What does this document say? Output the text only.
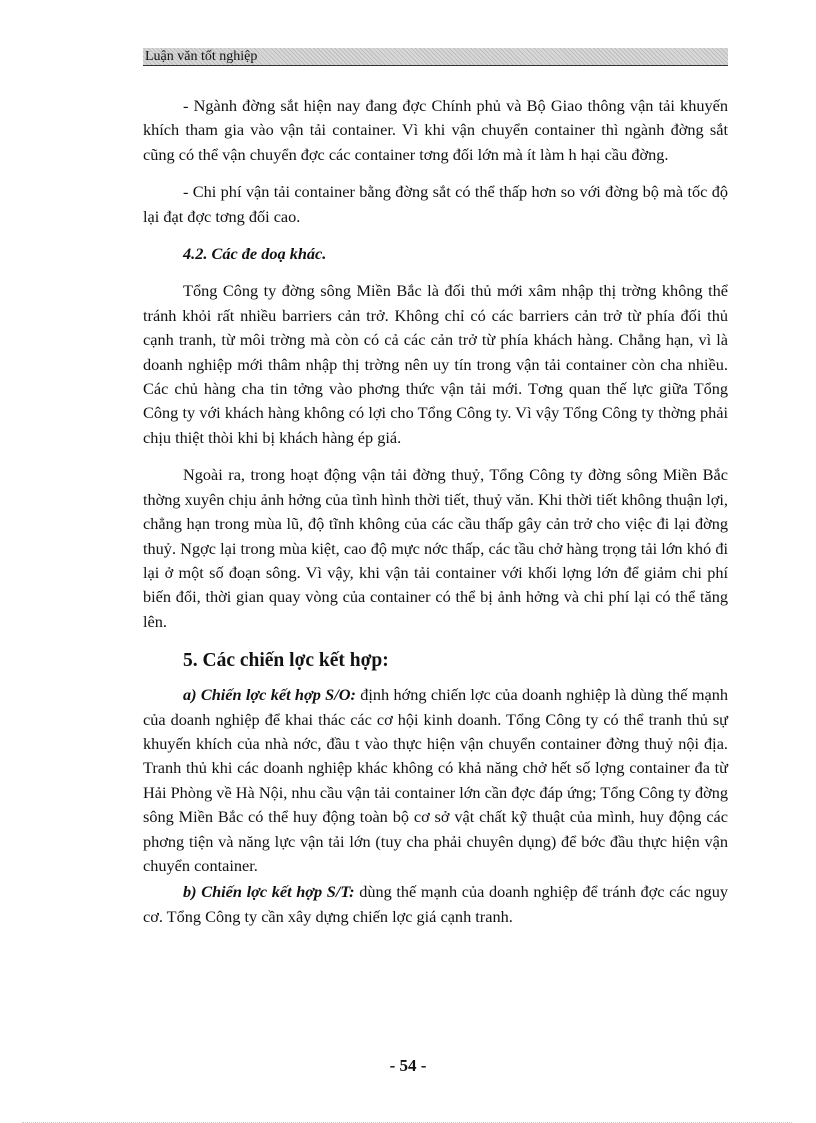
Luận văn tốt nghiệp

- Ngành đờng sắt hiện nay đang đợc Chính phủ và Bộ Giao thông vận tải khuyến khích tham gia vào vận tải container. Vì khi vận chuyển container thì ngành đờng sắt cũng có thể vận chuyển đợc các container tơng đối lớn mà ít làm h hại cầu đờng.

- Chi phí vận tải container bằng đờng sắt có thể thấp hơn so với đờng bộ mà tốc độ lại đạt đợc tơng đối cao.

4.2. Các đe doạ khác.

Tổng Công ty đờng sông Miền Bắc là đối thủ mới xâm nhập thị trờng không thể tránh khỏi rất nhiều barriers cản trở. Không chỉ có các barriers cản trở từ phía đối thủ cạnh tranh, từ môi trờng mà còn có cả các cản trở từ phía khách hàng. Chẳng hạn, vì là doanh nghiệp mới thâm nhập thị trờng nên uy tín trong vận tải container còn cha nhiều. Các chủ hàng cha tin tởng vào phơng thức vận tải mới. Tơng quan thế lực giữa Tổng Công ty với khách hàng không có lợi cho Tổng Công ty. Vì vậy Tổng Công ty thờng phải chịu thiệt thòi khi bị khách hàng ép giá.

Ngoài ra, trong hoạt động vận tải đờng thuỷ, Tổng Công ty đờng sông Miền Bắc thờng xuyên chịu ảnh hởng của tình hình thời tiết, thuỷ văn. Khi thời tiết không thuận lợi, chẳng hạn trong mùa lũ, độ tĩnh không của các cầu thấp gây cản trở cho việc đi lại đờng thuỷ. Ngợc lại trong mùa kiệt, cao độ mực nớc thấp, các tầu chở hàng trọng tải lớn khó đi lại ở một số đoạn sông. Vì vậy, khi vận tải container với khối lợng lớn để giảm chi phí biến đổi, thời gian quay vòng của container có thể bị ảnh hởng và chi phí lại có thể tăng lên.

5. Các chiến lợc kết hợp:

a) Chiến lợc kết hợp S/O: định hớng chiến lợc của doanh nghiệp là dùng thế mạnh của doanh nghiệp để khai thác các cơ hội kinh doanh. Tổng Công ty có thể tranh thủ sự khuyến khích của nhà nớc, đầu t vào thực hiện vận chuyển container đờng thuỷ nội địa. Tranh thủ khi các doanh nghiệp khác không có khả năng chở hết số lợng container đa từ Hải Phòng về Hà Nội, nhu cầu vận tải container lớn cần đợc đáp ứng; Tổng Công ty đờng sông Miền Bắc có thể huy động toàn bộ cơ sở vật chất kỹ thuật của mình, huy động các phơng tiện và năng lực vận tải lớn (tuy cha phải chuyên dụng) để bớc đầu thực hiện vận chuyển container.

b) Chiến lợc kết hợp S/T: dùng thế mạnh của doanh nghiệp để tránh đợc các nguy cơ. Tổng Công ty cần xây dựng chiến lợc giá cạnh tranh.

- 54 -
